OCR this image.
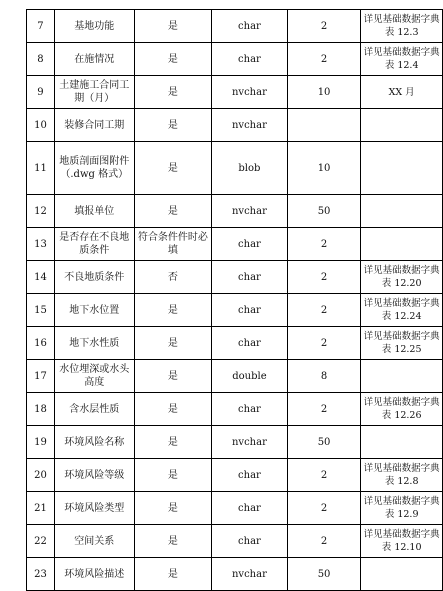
7	基地功能	是	char	2	详见基础数据字典表 12.3
8	在施情况	是	char	2	详见基础数据字典表 12.4
9	土建施工合同工期（月）	是	nvchar	10	XX 月
10	装修合同工期	是	nvchar		
11	地质剖面图附件（.dwg 格式）	是	blob	10	
12	填报单位	是	nvchar	50	
13	是否存在不良地质条件	符合条件件时必填	char	2	
14	不良地质条件	否	char	2	详见基础数据字典表 12.20
15	地下水位置	是	char	2	详见基础数据字典表 12.24
16	地下水性质	是	char	2	详见基础数据字典表 12.25
17	水位埋深或水头高度	是	double	8	
18	含水层性质	是	char	2	详见基础数据字典表 12.26
19	环境风险名称	是	nvchar	50	
20	环境风险等级	是	char	2	详见基础数据字典表 12.8
21	环境风险类型	是	char	2	详见基础数据字典表 12.9
22	空间关系	是	char	2	详见基础数据字典表 12.10
23	环境风险描述	是	nvchar	50	
